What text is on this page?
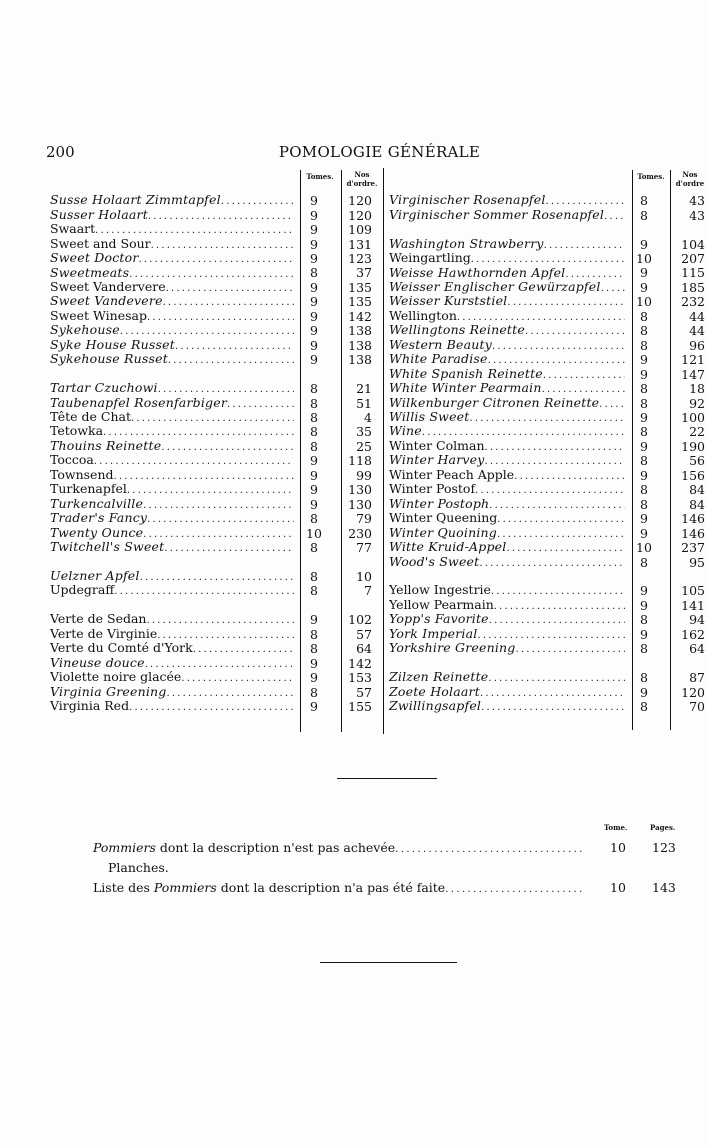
200	POMOLOGIE GÉNÉRALE
Tomes.	Nos
d'ordre.
Tomes.	Nos
d'ordre
Susse Holaart Zimmtapfel .....	9	120
Susser Holaart .....	9	120
Swaart .....	9	109
Sweet and Sour .....	9	131
Sweet Doctor .....	9	123
Sweetmeats .....	8	37
Sweet Vandervere .....	9	135
Sweet Vandevere .....	9	135
Sweet Winesap .....	9	142
Sykehouse .....	9	138
Syke House Russet .....	9	138
Sykehouse Russet .....	9	138
Tartar Czuchowi .....	8	21
Taubenapfel Rosenfarbiger .....	8	51
Tête de Chat .....	8	4
Tetowka .....	8	35
Thouins Reinette .....	8	25
Toccoa .....	9	118
Townsend .....	9	99
Turkenapfel .....	9	130
Turkencalville .....	9	130
Trader's Fancy .....	8	79
Twenty Ounce .....	10	230
Twitchell's Sweet .....	8	77
Uelzner Apfel .....	8	10
Updegraff .....	8	7
Verte de Sedan .....	9	102
Verte de Virginie .....	8	57
Verte du Comté d'York .....	8	64
Vineuse douce .....	9	142
Violette noire glacée .....	9	153
Virginia Greening .....	8	57
Virginia Red .....	9	155
Virginischer Rosenapfel .....	8	43
Virginischer Sommer Rosenapfel .....	8	43
Washington Strawberry .....	9	104
Weingartling .....	10	207
Weisse Hawthornden Apfel .....	9	115
Weisser Englischer Gewürzapfel .....	9	185
Weisser Kurststiel .....	10	232
Wellington .....	8	44
Wellingtons Reinette .....	8	44
Western Beauty .....	8	96
White Paradise .....	9	121
White Spanish Reinette .....	9	147
White Winter Pearmain .....	8	18
Wilkenburger Citronen Reinette .....	8	92
Willis Sweet .....	9	100
Wine .....	8	22
Winter Colman .....	9	190
Winter Harvey .....	8	56
Winter Peach Apple .....	9	156
Winter Postof .....	8	84
Winter Postoph .....	8	84
Winter Queening .....	9	146
Winter Quoining .....	9	146
Witte Kruid-Appel .....	10	237
Wood's Sweet .....	8	95
Yellow Ingestrie .....	9	105
Yellow Pearmain .....	9	141
Yopp's Favorite .....	8	94
York Imperial .....	9	162
Yorkshire Greening .....	8	64
Zilzen Reinette .....	8	87
Zoete Holaart .....	9	120
Zwillingsapfel .....	8	70
Tome.	Pages.
Pommiers dont la description n'est pas achevée .....	10 123
Planches.
Liste des Pommiers dont la description n'a pas été faite .....	10 143
